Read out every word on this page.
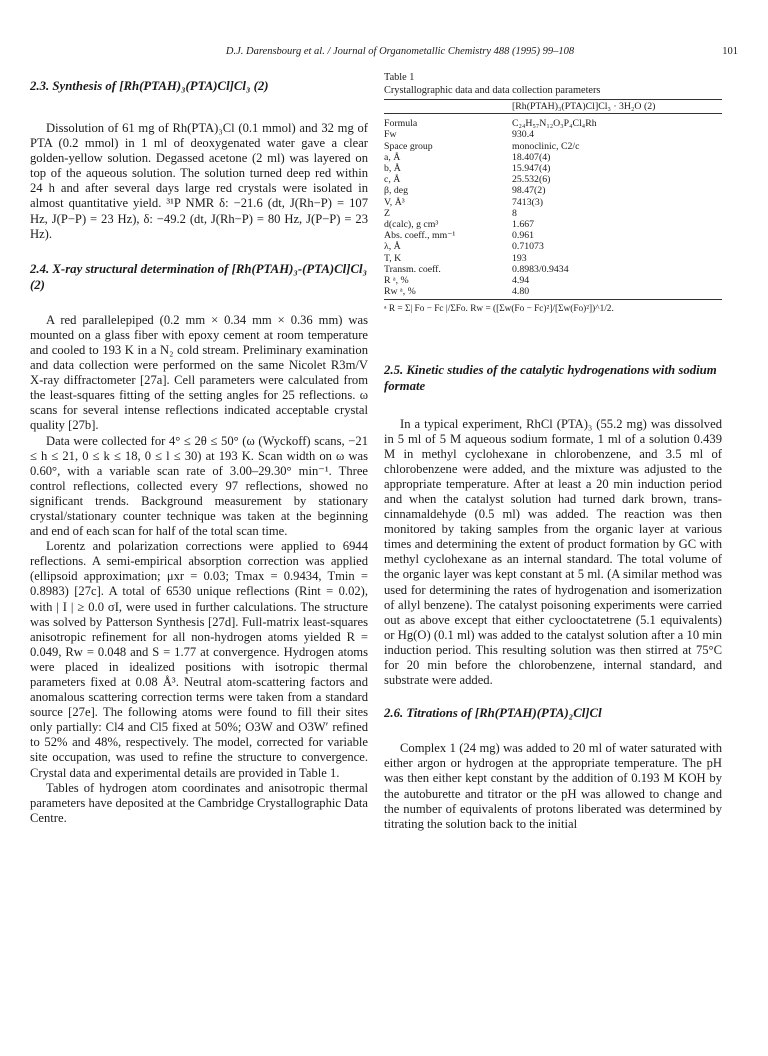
D.J. Darensbourg et al. / Journal of Organometallic Chemistry 488 (1995) 99–108	101
2.3. Synthesis of [Rh(PTAH)₃(PTA)Cl]Cl₃ (2)

Dissolution of 61 mg of Rh(PTA)₃Cl (0.1 mmol) and 32 mg of PTA (0.2 mmol) in 1 ml of deoxygenated water gave a clear golden-yellow solution. Degassed acetone (2 ml) was layered on top of the aqueous solution. The solution turned deep red within 24 h and after several days large red crystals were isolated in almost quantitative yield. ³¹P NMR δ: −21.6 (dt, J(Rh−P) = 107 Hz, J(P−P) = 23 Hz), δ: −49.2 (dt, J(Rh−P) = 80 Hz, J(P−P) = 23 Hz).

2.4. X-ray structural determination of [Rh(PTAH)₃-(PTA)Cl]Cl₃ (2)

A red parallelepiped (0.2 mm × 0.34 mm × 0.36 mm) was mounted on a glass fiber with epoxy cement at room temperature and cooled to 193 K in a N₂ cold stream. Preliminary examination and data collection were performed on the same Nicolet R3m/V X-ray diffractometer [27a]. Cell parameters were calculated from the least-squares fitting of the setting angles for 25 reflections. ω scans for several intense reflections indicated acceptable crystal quality [27b].

Data were collected for 4° ≤ 2θ ≤ 50° (ω (Wyckoff) scans, −21 ≤ h ≤ 21, 0 ≤ k ≤ 18, 0 ≤ l ≤ 30) at 193 K. Scan width on ω was 0.60°, with a variable scan rate of 3.00–29.30° min⁻¹. Three control reflections, collected every 97 reflections, showed no significant trends. Background measurement by stationary crystal/stationary counter technique was taken at the beginning and end of each scan for half of the total scan time.

Lorentz and polarization corrections were applied to 6944 reflections. A semi-empirical absorption correction was applied (ellipsoid approximation; μxr = 0.03; Tmax = 0.9434, Tmin = 0.8983) [27c]. A total of 6530 unique reflections (Rint = 0.02), with | I | ≥ 0.0 σI, were used in further calculations. The structure was solved by Patterson Synthesis [27d]. Full-matrix least-squares anisotropic refinement for all non-hydrogen atoms yielded R = 0.049, Rw = 0.048 and S = 1.77 at convergence. Hydrogen atoms were placed in idealized positions with isotropic thermal parameters fixed at 0.08 Å³. Neutral atom-scattering factors and anomalous scattering correction terms were taken from a standard source [27e]. The following atoms were found to fill their sites only partially: Cl4 and Cl5 fixed at 50%; O3W and O3W′ refined to 52% and 48%, respectively. The model, corrected for variable site occupation, was used to refine the structure to convergence. Crystal data and experimental details are provided in Table 1.

Tables of hydrogen atom coordinates and anisotropic thermal parameters have deposited at the Cambridge Crystallographic Data Centre.

Table 1
Crystallographic data and data collection parameters
	[Rh(PTAH)₃(PTA)Cl]Cl₃ · 3H₂O (2)
Formula	C₂₄H₅₇N₁₂O₃P₄Cl₄Rh
Fw	930.4
Space group	monoclinic, C2/c
a, Å	18.407(4)
b, Å	15.947(4)
c, Å	25.532(6)
β, deg	98.47(2)
V, Å³	7413(3)
Z	8
d(calc), g cm³	1.667
Abs. coeff., mm⁻¹	0.961
λ, Å	0.71073
T, K	193
Transm. coeff.	0.8983/0.9434
R ᵃ, %	4.94
Rw ᵃ, %	4.80
ᵃ R = Σ| Fo − Fc |/ΣFo. Rw = ([Σw(Fo − Fc)²]/[Σw(Fo)²])^1/2.
2.5. Kinetic studies of the catalytic hydrogenations with sodium formate

In a typical experiment, RhCl (PTA)₃ (55.2 mg) was dissolved in 5 ml of 5 M aqueous sodium formate, 1 ml of a solution 0.439 M in methyl cyclohexane in chlorobenzene, and 3.5 ml of chlorobenzene were added, and the mixture was adjusted to the appropriate temperature. After at least a 20 min induction period and when the catalyst solution had turned dark brown, trans-cinnamaldehyde (0.5 ml) was added. The reaction was then monitored by taking samples from the organic layer at various times and determining the extent of product formation by GC with methyl cyclohexane as an internal standard. The total volume of the organic layer was kept constant at 5 ml. (A similar method was used for determining the rates of hydrogenation and isomerization of allyl benzene). The catalyst poisoning experiments were carried out as above except that either cyclooctatetrene (5.1 equivalents) or Hg(O) (0.1 ml) was added to the catalyst solution after a 10 min induction period. This resulting solution was then stirred at 75°C for 20 min before the chlorobenzene, internal standard, and substrate were added.

2.6. Titrations of [Rh(PTAH)(PTA)₂Cl]Cl

Complex 1 (24 mg) was added to 20 ml of water saturated with either argon or hydrogen at the appropriate temperature. The pH was then either kept constant by the addition of 0.193 M KOH by the autoburette and titrator or the pH was allowed to change and the number of equivalents of protons liberated was determined by titrating the solution back to the initial
